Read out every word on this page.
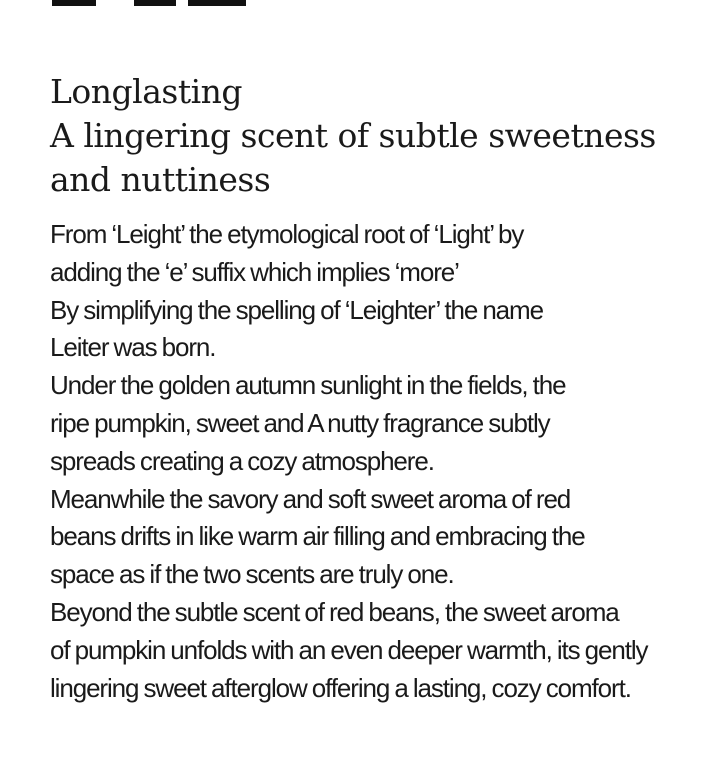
Longlasting
A lingering scent of subtle sweetness
and nuttiness

From ‘Leight’ the etymological root of ‘Light’ by
adding the ‘e’ suffix which implies ‘more’
By simplifying the spelling of ‘Leighter’ the name
Leiter was born.
Under the golden autumn sunlight in the fields, the
ripe pumpkin, sweet and A nutty fragrance subtly
spreads creating a cozy atmosphere.
Meanwhile the savory and soft sweet aroma of red
beans drifts in like warm air filling and embracing the
space as if the two scents are truly one.
Beyond the subtle scent of red beans, the sweet aroma
of pumpkin unfolds with an even deeper warmth, its gently
lingering sweet afterglow offering a lasting, cozy comfort.
